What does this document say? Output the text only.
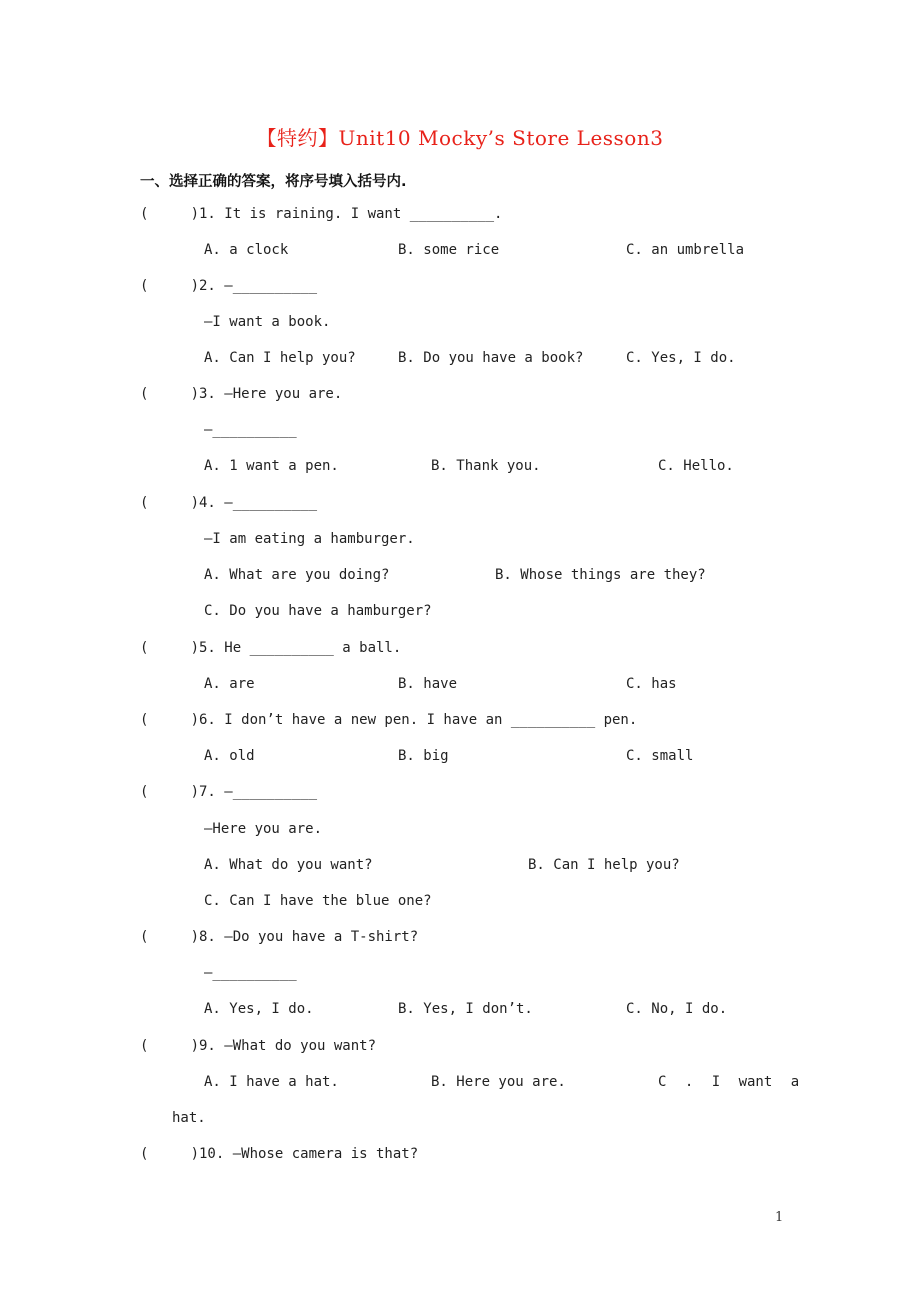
【特约】Unit10 Mocky’s Store Lesson3
一、选择正确的答案，将序号填入括号内.
(     )1. It is raining. I want __________.
A. a clock	B. some rice	C. an umbrella
(     )2. —__________
—I want a book.
A. Can I help you?	B. Do you have a book?	C. Yes, I do.
(     )3. —Here you are.
—__________
A. 1 want a pen.	B. Thank you.	C. Hello.
(     )4. —__________
—I am eating a hamburger.
A. What are you doing?	B. Whose things are they?
C. Do you have a hamburger?
(     )5. He __________ a ball.
A. are	B. have	C. has
(     )6. I don’t have a new pen. I have an __________ pen.
A. old	B. big	C. small
(     )7. —__________
—Here you are.
A. What do you want?	B. Can I help you?
C. Can I have the blue one?
(     )8. —Do you have a T-shirt?
—__________
A. Yes, I do.	B. Yes, I don’t.	C. No, I do.
(     )9. —What do you want?
A. I have a hat.	B. Here you are.	C . I want a
hat.
(     )10. —Whose camera is that?
1
